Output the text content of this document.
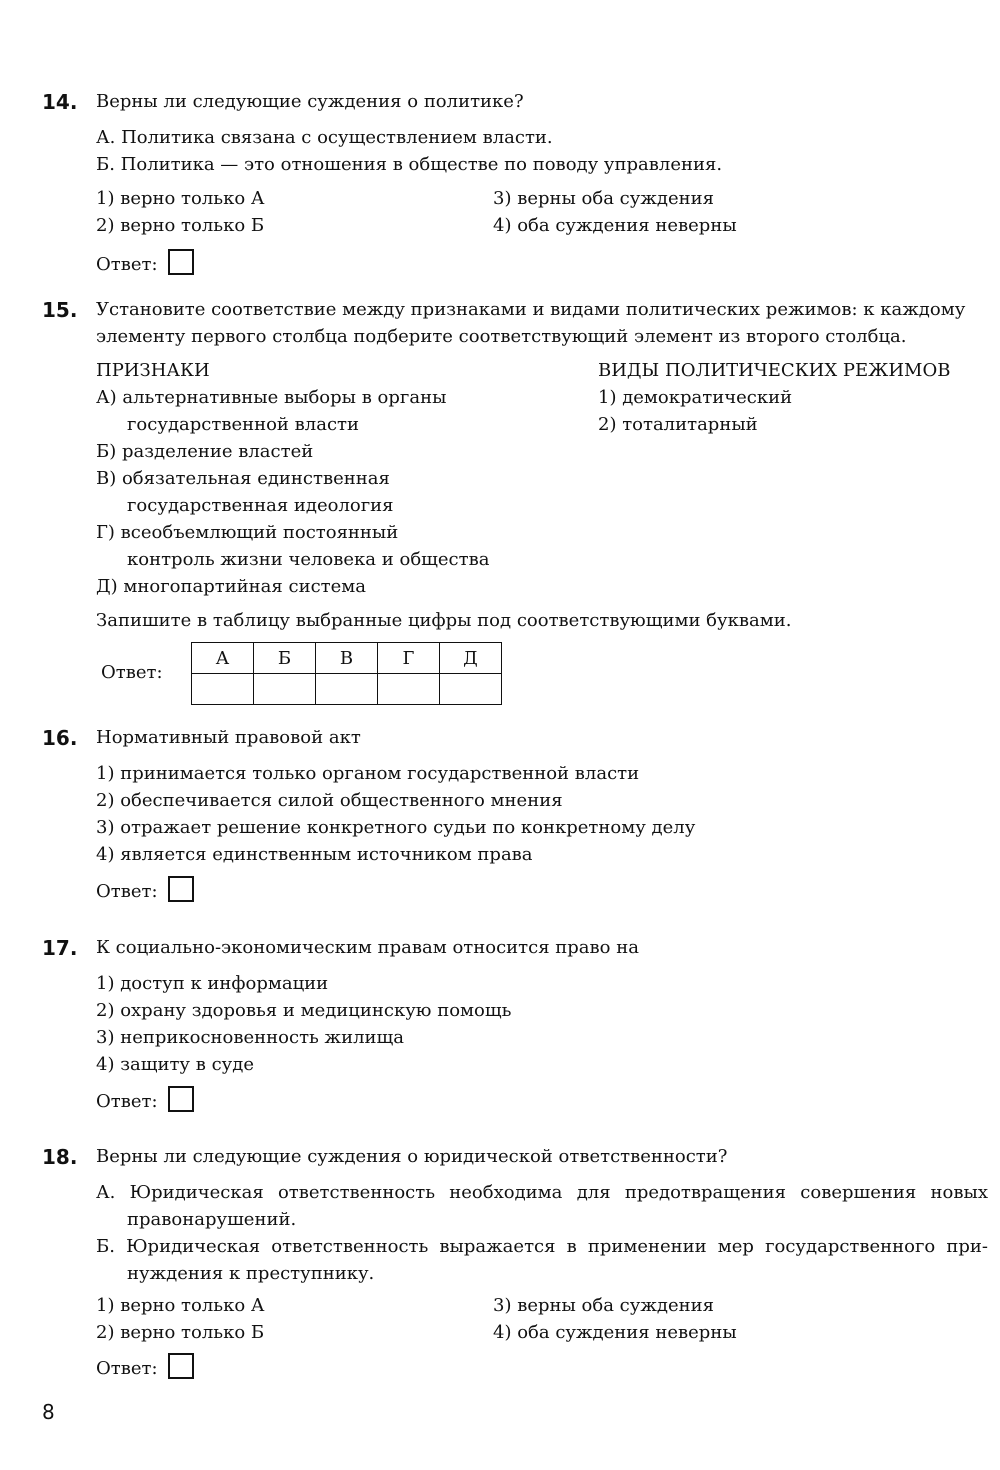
14. Верны ли следующие суждения о политике?
А. Политика связана с осуществлением власти.
Б. Политика — это отношения в обществе по поводу управления.
1) верно только А
2) верно только Б
3) верны оба суждения
4) оба суждения неверны
Ответ:
15. Установите соответствие между признаками и видами политических режимов: к каждому
элементу первого столбца подберите соответствующий элемент из второго столбца.
ПРИЗНАКИ	ВИДЫ ПОЛИТИЧЕСКИХ РЕЖИМОВ
А) альтернативные выборы в органы
государственной власти
Б) разделение властей
В) обязательная единственная
государственная идеология
Г) всеобъемлющий постоянный
контроль жизни человека и общества
Д) многопартийная система
1) демократический
2) тоталитарный
Запишите в таблицу выбранные цифры под соответствующими буквами.
Ответ:
А	Б	В	Г	Д

16. Нормативный правовой акт
1) принимается только органом государственной власти
2) обеспечивается силой общественного мнения
3) отражает решение конкретного судьи по конкретному делу
4) является единственным источником права
Ответ:
17. К социально-экономическим правам относится право на
1) доступ к информации
2) охрану здоровья и медицинскую помощь
3) неприкосновенность жилища
4) защиту в суде
Ответ:
18. Верны ли следующие суждения о юридической ответственности?
А. Юридическая ответственность необходима для предотвращения совершения новых
правонарушений.
Б. Юридическая ответственность выражается в применении мер государственного при-
нуждения к преступнику.
1) верно только А
2) верно только Б
3) верны оба суждения
4) оба суждения неверны
Ответ:
8
